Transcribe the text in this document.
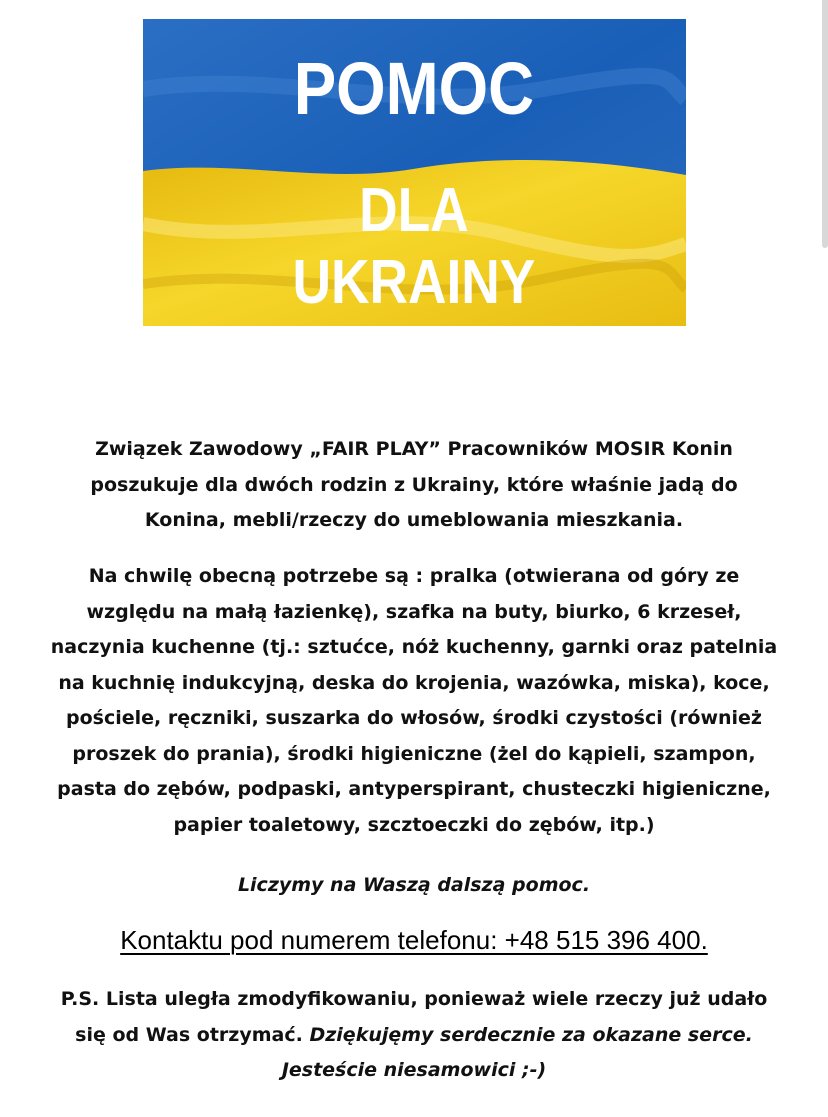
POMOC
DLA
UKRAINY

Związek Zawodowy „FAIR PLAY” Pracowników MOSIR Konin
poszukuje dla dwóch rodzin z Ukrainy, które właśnie jadą do
Konina, mebli/rzeczy do umeblowania mieszkania.

Na chwilę obecną potrzebe są : pralka (otwierana od góry ze
względu na małą łazienkę), szafka na buty, biurko, 6 krzeseł,
naczynia kuchenne (tj.: sztućce, nóż kuchenny, garnki oraz patelnia
na kuchnię indukcyjną, deska do krojenia, wazówka, miska), koce,
pościele, ręczniki, suszarka do włosów, środki czystości (również
proszek do prania), środki higieniczne (żel do kąpieli, szampon,
pasta do zębów, podpaski, antyperspirant, chusteczki higieniczne,
papier toaletowy, szcztoeczki do zębów, itp.)

Liczymy na Waszą dalszą pomoc.

Kontaktu pod numerem telefonu: +48 515 396 400.

P.S. Lista uległa zmodyfikowaniu, ponieważ wiele rzeczy już udało
się od Was otrzymać. Dziękujęmy serdecznie za okazane serce.
Jesteście niesamowici ;-)
